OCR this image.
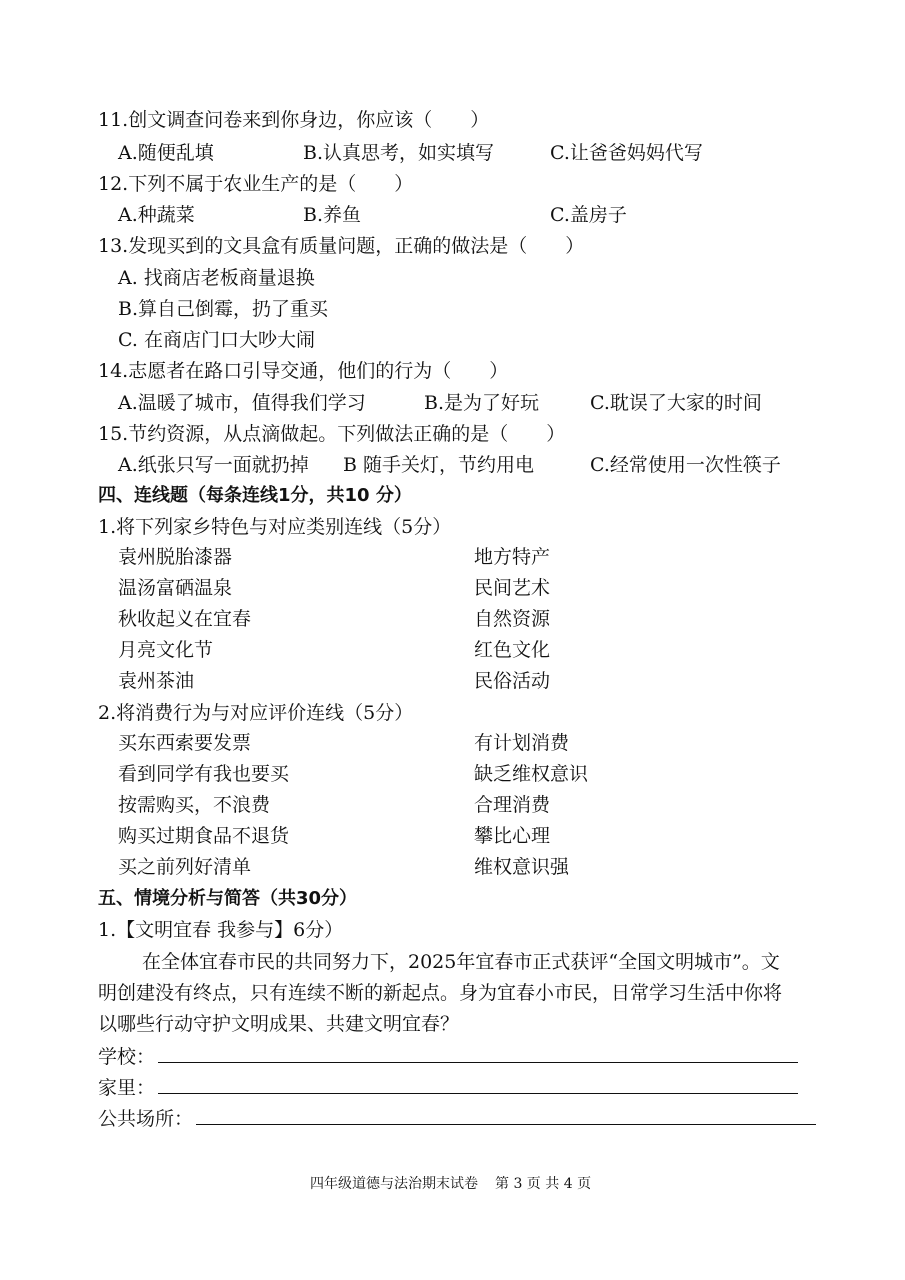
11.创文调查问卷来到你身边，你应该（　　）
A.随便乱填	B.认真思考，如实填写	C.让爸爸妈妈代写
12.下列不属于农业生产的是（　　）
A.种蔬菜	B.养鱼	C.盖房子
13.发现买到的文具盒有质量问题，正确的做法是（　　）
A. 找商店老板商量退换
B.算自己倒霉，扔了重买
C. 在商店门口大吵大闹
14.志愿者在路口引导交通，他们的行为（　　）
A.温暖了城市，值得我们学习	B.是为了好玩	C.耽误了大家的时间
15.节约资源，从点滴做起。下列做法正确的是（　　）
A.纸张只写一面就扔掉 B 随手关灯，节约用电	C.经常使用一次性筷子
四、连线题（每条连线1分，共10 分）
1.将下列家乡特色与对应类别连线（5分）
袁州脱胎漆器	地方特产
温汤富硒温泉	民间艺术
秋收起义在宜春	自然资源
月亮文化节	红色文化
袁州茶油	民俗活动
2.将消费行为与对应评价连线（5分）
买东西索要发票	有计划消费
看到同学有我也要买	缺乏维权意识
按需购买，不浪费	合理消费
购买过期食品不退货	攀比心理
买之前列好清单	维权意识强
五、情境分析与简答（共30分）
1.【文明宜春 我参与】6分）
在全体宜春市民的共同努力下，2025年宜春市正式获评“全国文明城市”。文
明创建没有终点，只有连续不断的新起点。身为宜春小市民，日常学习生活中你将
以哪些行动守护文明成果、共建文明宜春？
学校：
家里：
公共场所：
四年级道德与法治期末试卷 第 3 页 共 4 页
